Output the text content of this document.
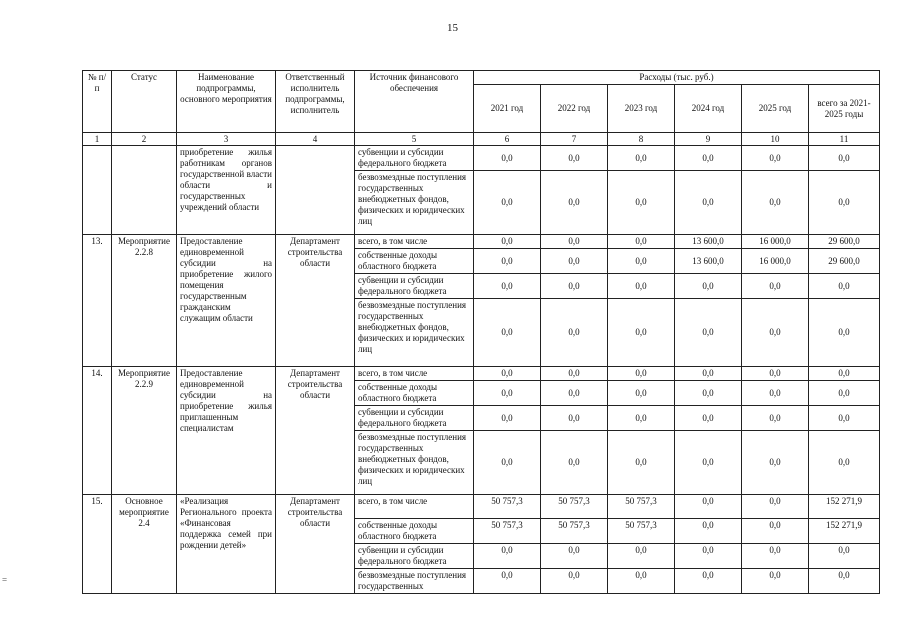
15
=
№ п/п	Статус	Наименование подпрограммы, основного мероприятия	Ответственный исполнитель подпрограммы, исполнитель	Источник финансового обеспечения	Расходы (тыс. руб.)					
					2021 год	2022 год	2023 год	2024 год	2025 год	всего за 2021-2025 годы
1	2	3	4	5	6	7	8	9	10	11
		приобретение жилья работникам органов государственной власти области и государственных учреждений области		субвенции и субсидии федерального бюджета	0,0	0,0	0,0	0,0	0,0	0,0
				безвозмездные поступления государственных внебюджетных фондов, физических и юридических лиц	0,0	0,0	0,0	0,0	0,0	0,0
13.	Мероприятие 2.2.8	Предоставление единовременной субсидии на приобретение жилого помещения государственным гражданским служащим области	Департамент строительства области	всего, в том числе	0,0	0,0	0,0	13 600,0	16 000,0	29 600,0
				собственные доходы областного бюджета	0,0	0,0	0,0	13 600,0	16 000,0	29 600,0
				субвенции и субсидии федерального бюджета	0,0	0,0	0,0	0,0	0,0	0,0
				безвозмездные поступления государственных внебюджетных фондов, физических и юридических лиц	0,0	0,0	0,0	0,0	0,0	0,0
14.	Мероприятие 2.2.9	Предоставление единовременной субсидии на приобретение жилья приглашенным специалистам	Департамент строительства области	всего, в том числе	0,0	0,0	0,0	0,0	0,0	0,0
				собственные доходы областного бюджета	0,0	0,0	0,0	0,0	0,0	0,0
				субвенции и субсидии федерального бюджета	0,0	0,0	0,0	0,0	0,0	0,0
				безвозмездные поступления государственных внебюджетных фондов, физических и юридических лиц	0,0	0,0	0,0	0,0	0,0	0,0
15.	Основное мероприятие 2.4	«Реализация Регионального проекта «Финансовая поддержка семей при рождении детей»	Департамент строительства области	всего, в том числе	50 757,3	50 757,3	50 757,3	0,0	0,0	152 271,9
				собственные доходы областного бюджета	50 757,3	50 757,3	50 757,3	0,0	0,0	152 271,9
				субвенции и субсидии федерального бюджета	0,0	0,0	0,0	0,0	0,0	0,0
				безвозмездные поступления государственных	0,0	0,0	0,0	0,0	0,0	0,0
